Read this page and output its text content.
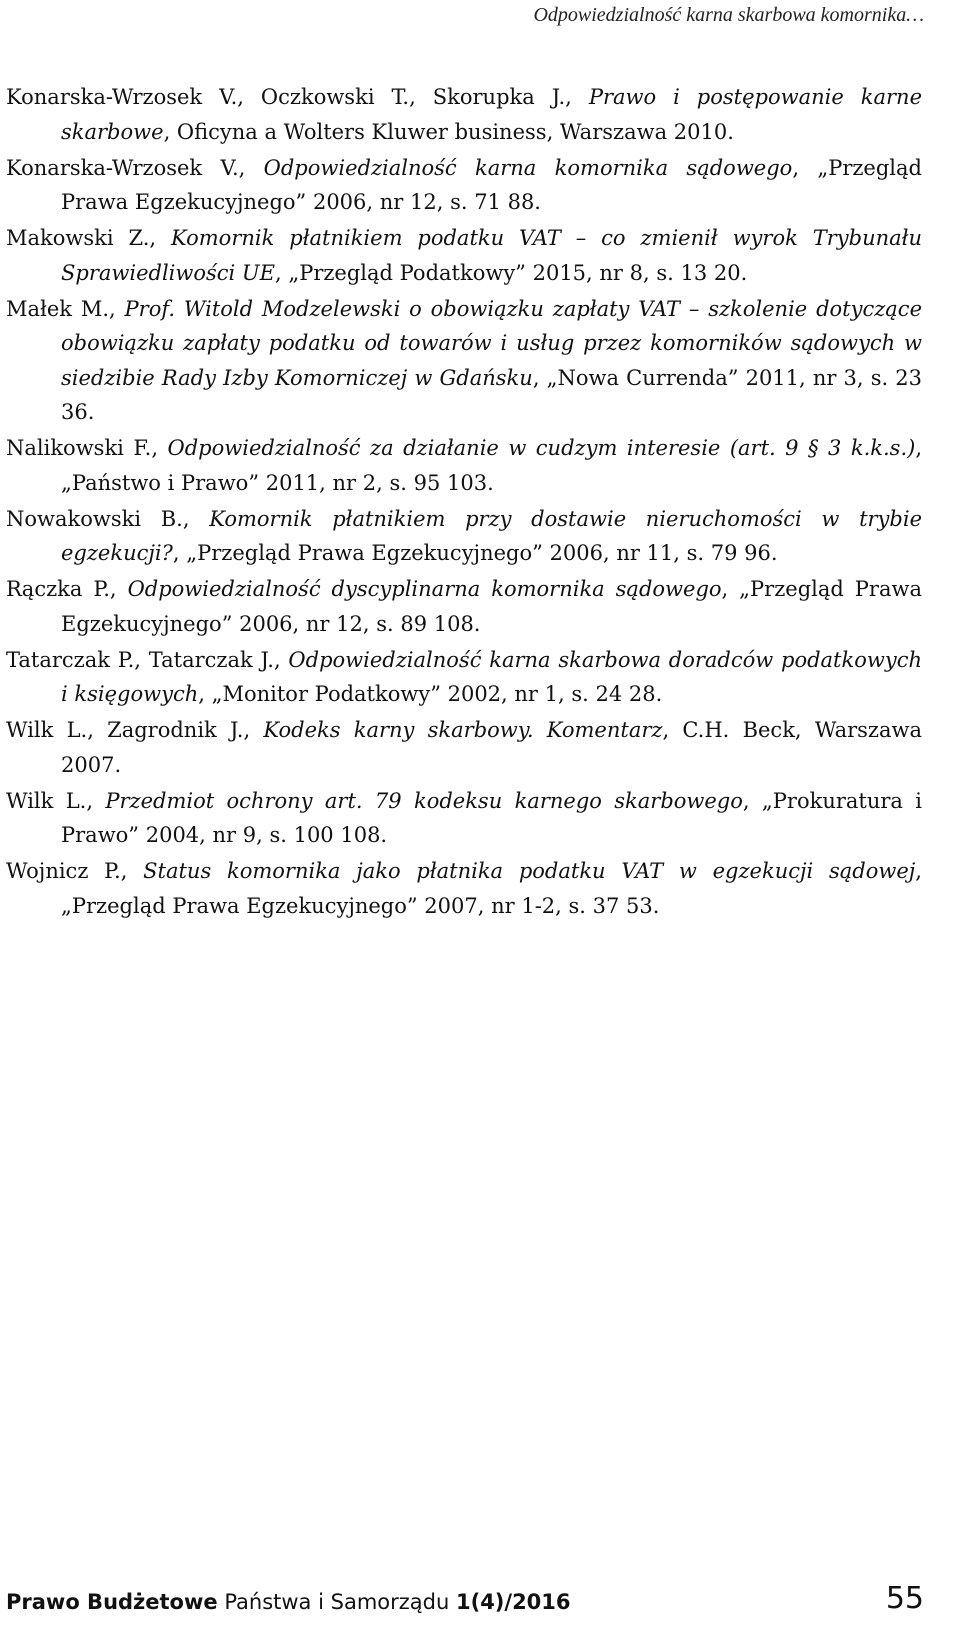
Odpowiedzialność karna skarbowa komornika…
Konarska-Wrzosek V., Oczkowski T., Skorupka J., Prawo i postępowanie karne skarbowe, Oficyna a Wolters Kluwer business, Warszawa 2010.
Konarska-Wrzosek V., Odpowiedzialność karna komornika sądowego, „Przegląd Prawa Egzekucyjnego” 2006, nr 12, s. 71 88.
Makowski Z., Komornik płatnikiem podatku VAT – co zmienił wyrok Trybunału Sprawiedliwości UE, „Przegląd Podatkowy” 2015, nr 8, s. 13 20.
Małek M., Prof. Witold Modzelewski o obowiązku zapłaty VAT – szkolenie dotyczące obowiązku zapłaty podatku od towarów i usług przez komorników sądowych w siedzibie Rady Izby Komorniczej w Gdańsku, „Nowa Currenda” 2011, nr 3, s. 23 36.
Nalikowski F., Odpowiedzialność za działanie w cudzym interesie (art. 9 § 3 k.k.s.), „Państwo i Prawo” 2011, nr 2, s. 95 103.
Nowakowski B., Komornik płatnikiem przy dostawie nieruchomości w trybie egzekucji?, „Przegląd Prawa Egzekucyjnego” 2006, nr 11, s. 79 96.
Rączka P., Odpowiedzialność dyscyplinarna komornika sądowego, „Przegląd Prawa Egzekucyjnego” 2006, nr 12, s. 89 108.
Tatarczak P., Tatarczak J., Odpowiedzialność karna skarbowa doradców podatkowych i księgowych, „Monitor Podatkowy” 2002, nr 1, s. 24 28.
Wilk L., Zagrodnik J., Kodeks karny skarbowy. Komentarz, C.H. Beck, Warszawa 2007.
Wilk L., Przedmiot ochrony art. 79 kodeksu karnego skarbowego, „Prokuratura i Prawo” 2004, nr 9, s. 100 108.
Wojnicz P., Status komornika jako płatnika podatku VAT w egzekucji sądowej, „Przegląd Prawa Egzekucyjnego” 2007, nr 1-2, s. 37 53.
Prawo Budżetowe Państwa i Samorządu 1(4)/2016	55
